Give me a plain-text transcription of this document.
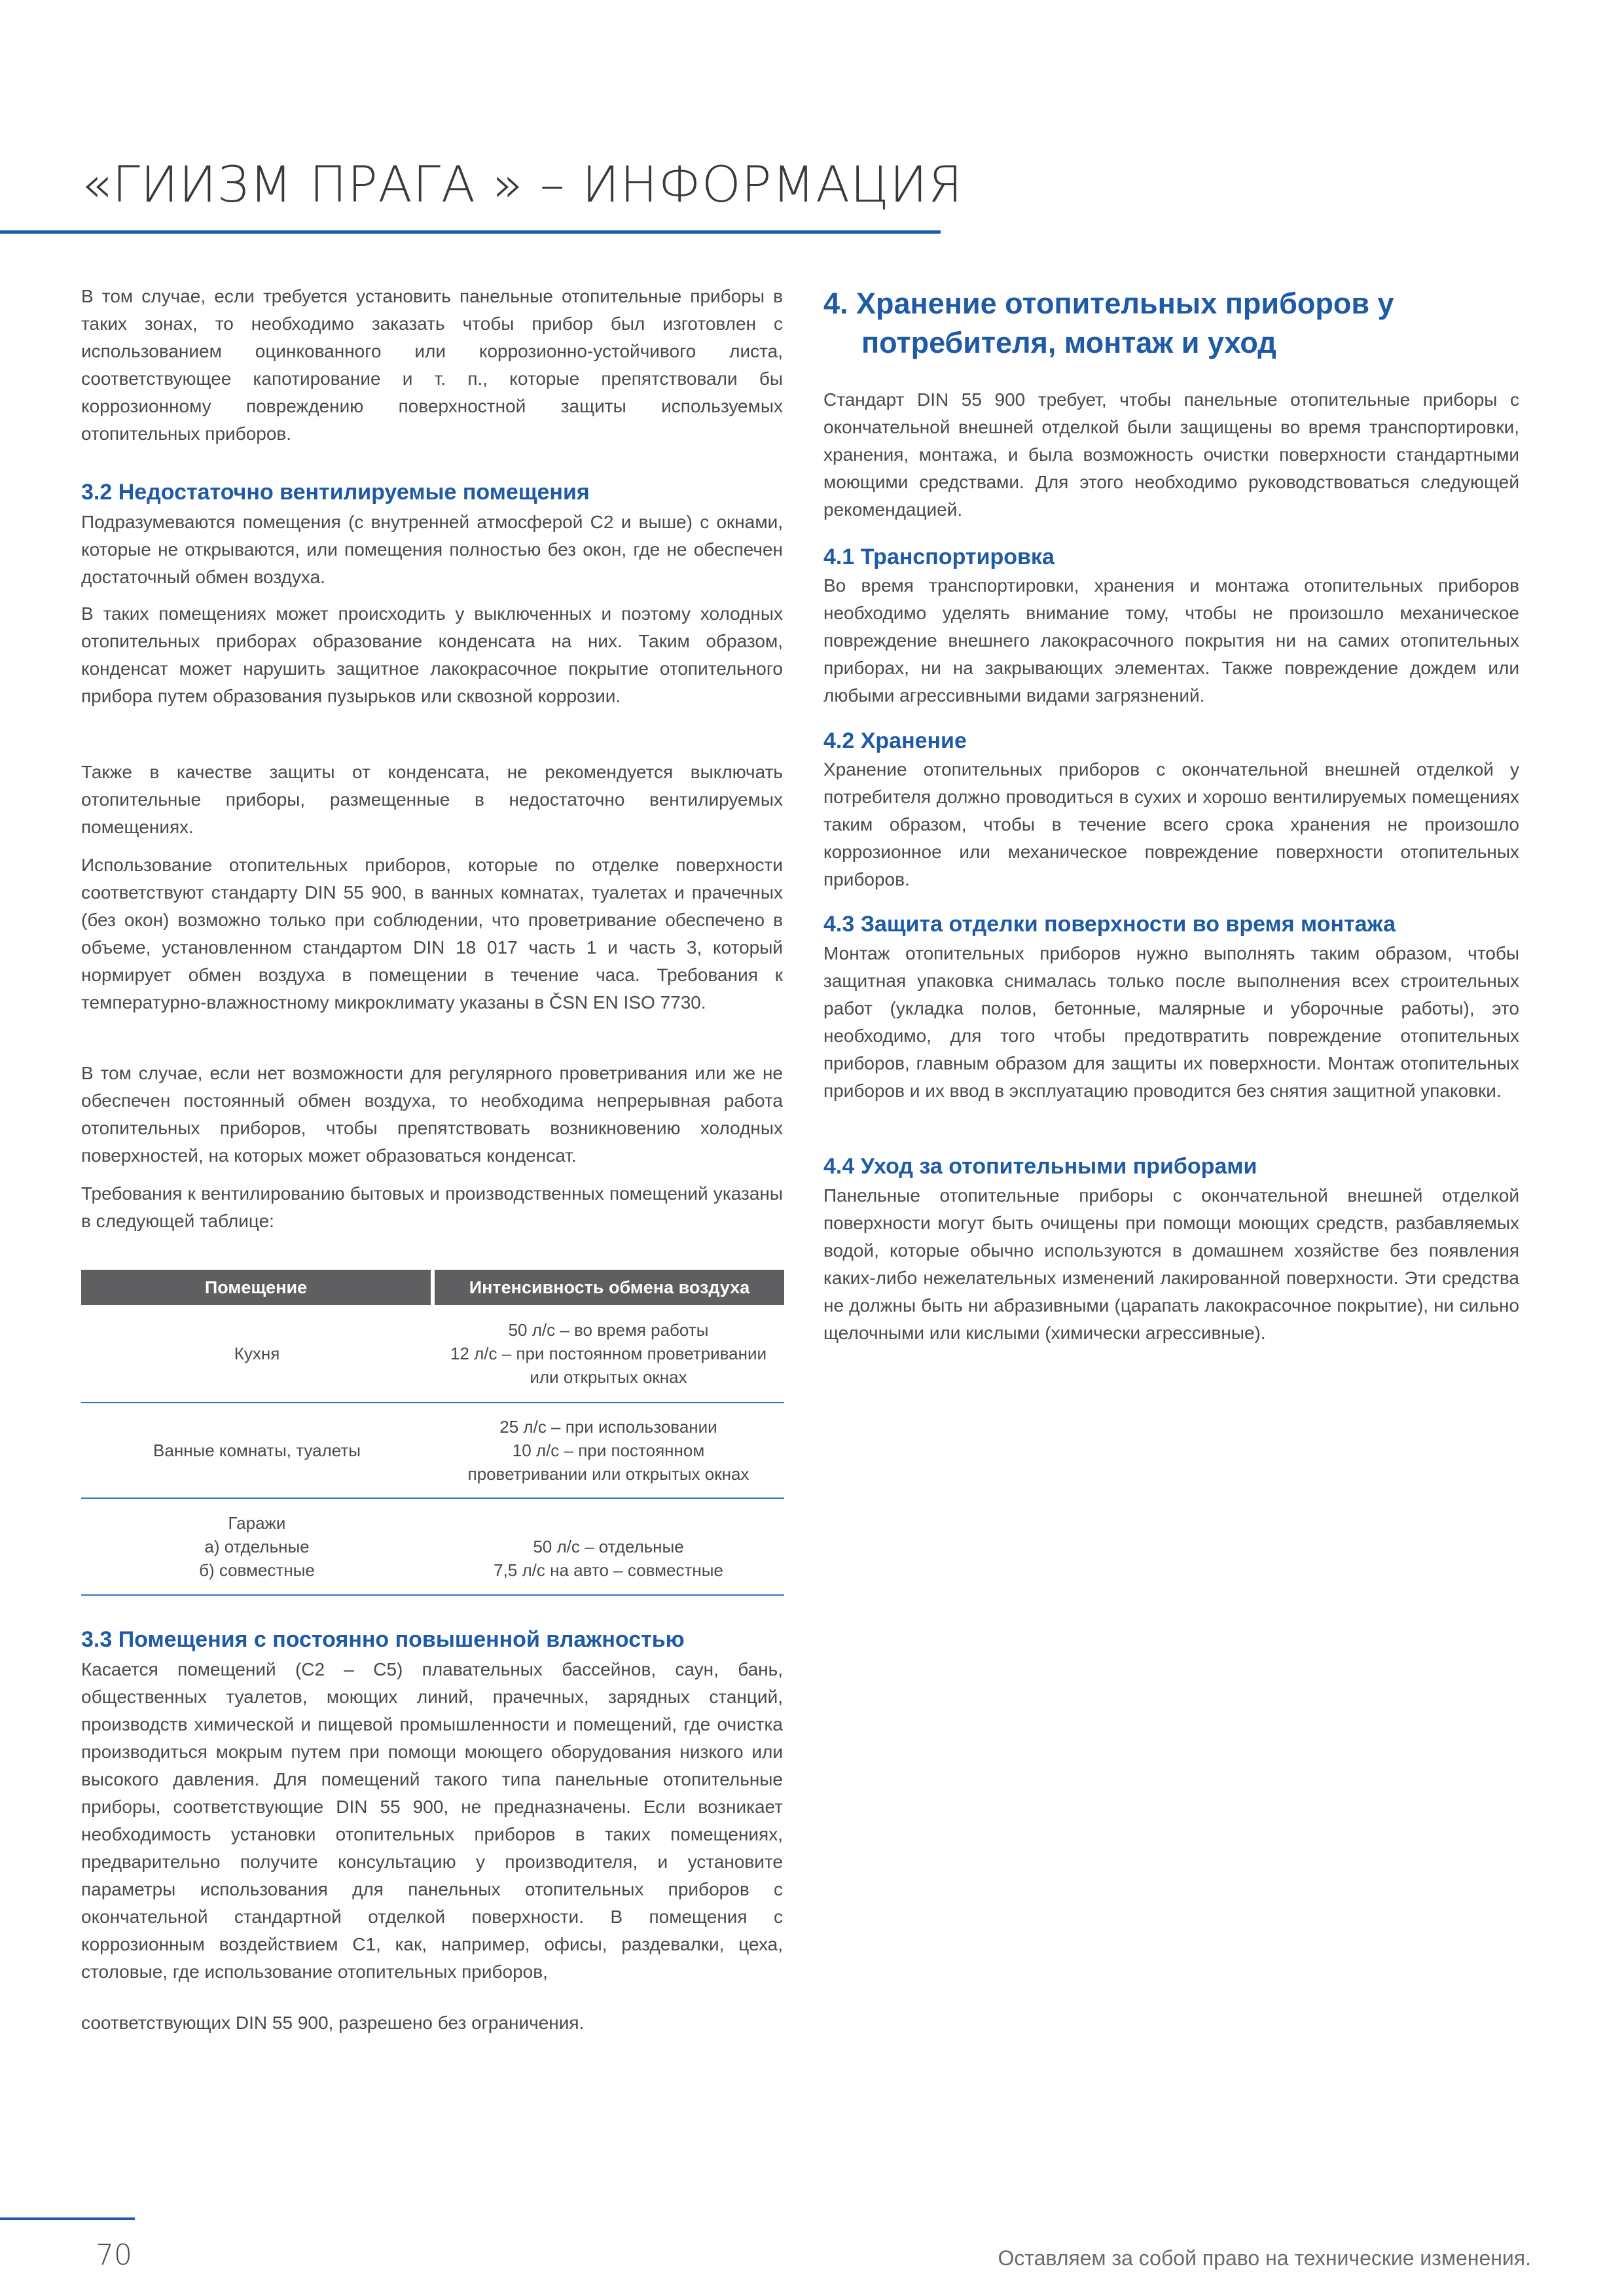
«ГИИЗМ ПРАГА » – ИНФОРМАЦИЯ

В том случае, если требуется установить панельные отопительные приборы в таких зонах, то необходимо заказать чтобы прибор был изготовлен с использованием оцинкованного или коррозионно-устойчивого листа, соответствующее капотирование и т. п., которые препятствовали бы коррозионному повреждению поверхностной защиты используемых отопительных приборов.

3.2 Недостаточно вентилируемые помещения

Подразумеваются помещения (с внутренней атмосферой С2 и выше) с окнами, которые не открываются, или помещения полностью без окон, где не обеспечен достаточный обмен воздуха.

В таких помещениях может происходить у выключенных и поэтому холодных отопительных приборах образование конденсата на них. Таким образом, конденсат может нарушить защитное лакокрасочное покрытие отопительного прибора путем образования пузырьков или сквозной коррозии.

Также в качестве защиты от конденсата, не рекомендуется выключать отопительные приборы, размещенные в недостаточно вентилируемых помещениях.

Использование отопительных приборов, которые по отделке поверхности соответствуют стандарту DIN 55 900, в ванных комнатах, туалетах и прачечных (без окон) возможно только при соблюдении, что проветривание обеспечено в объеме, установленном стандартом DIN 18 017 часть 1 и часть 3, который нормирует обмен воздуха в помещении в течение часа. Требования к температурно-влажностному микроклимату указаны в ČSN EN ISO 7730.

В том случае, если нет возможности для регулярного проветривания или же не обеспечен постоянный обмен воздуха, то необходима непрерывная работа отопительных приборов, чтобы препятствовать возникновению холодных поверхностей, на которых может образоваться конденсат.

Требования к вентилированию бытовых и производственных помещений указаны в следующей таблице:

Помещение	Интенсивность обмена воздуха
Кухня
50 л/с – во время работы
12 л/с – при постоянном проветривании
или открытых окнах
Ванные комнаты, туалеты
25 л/с – при использовании
10 л/с – при постоянном
проветривании или открытых окнах
Гаражи
а) отдельные
б) совместные
50 л/с – отдельные
7,5 л/с на авто – совместные
3.3 Помещения с постоянно повышенной влажностью

Касается помещений (С2 – С5) плавательных бассейнов, саун, бань, общественных туалетов, моющих линий, прачечных, зарядных станций, производств химической и пищевой промышленности и помещений, где очистка производиться мокрым путем при помощи моющего оборудования низкого или высокого давления. Для помещений такого типа панельные отопительные приборы, соответствующие DIN 55 900, не предназначены. Если возникает необходимость установки отопительных приборов в таких помещениях, предварительно получите консультацию у производителя, и установите параметры использования для панельных отопительных приборов с окончательной стандартной отделкой поверхности. В помещения с коррозионным воздействием С1, как, например, офисы, раздевалки, цеха, столовые, где использование отопительных приборов,

соответствующих DIN 55 900, разрешено без ограничения.

4. Хранение отопительных приборов у потребителя, монтаж и уход

Стандарт DIN 55 900 требует, чтобы панельные отопительные приборы с окончательной внешней отделкой были защищены во время транспортировки, хранения, монтажа, и была возможность очистки поверхности стандартными моющими средствами. Для этого необходимо руководствоваться следующей рекомендацией.

4.1 Транспортировка

Во время транспортировки, хранения и монтажа отопительных приборов необходимо уделять внимание тому, чтобы не произошло механическое повреждение внешнего лакокрасочного покрытия ни на самих отопительных приборах, ни на закрывающих элементах. Также повреждение дождем или любыми агрессивными видами загрязнений.

4.2 Хранение

Хранение отопительных приборов с окончательной внешней отделкой у потребителя должно проводиться в сухих и хорошо вентилируемых помещениях таким образом, чтобы в течение всего срока хранения не произошло коррозионное или механическое повреждение поверхности отопительных приборов.

4.3 Защита отделки поверхности во время монтажа

Монтаж отопительных приборов нужно выполнять таким образом, чтобы защитная упаковка снималась только после выполнения всех строительных работ (укладка полов, бетонные, малярные и уборочные работы), это необходимо, для того чтобы предотвратить повреждение отопительных приборов, главным образом для защиты их поверхности. Монтаж отопительных приборов и их ввод в эксплуатацию проводится без снятия защитной упаковки.

4.4 Уход за отопительными приборами

Панельные отопительные приборы с окончательной внешней отделкой поверхности могут быть очищены при помощи моющих средств, разбавляемых водой, которые обычно используются в домашнем хозяйстве без появления каких-либо нежелательных изменений лакированной поверхности. Эти средства не должны быть ни абразивными (царапать лакокрасочное покрытие), ни сильно щелочными или кислыми (химически агрессивные).

70	Оставляем за собой право на технические изменения.
